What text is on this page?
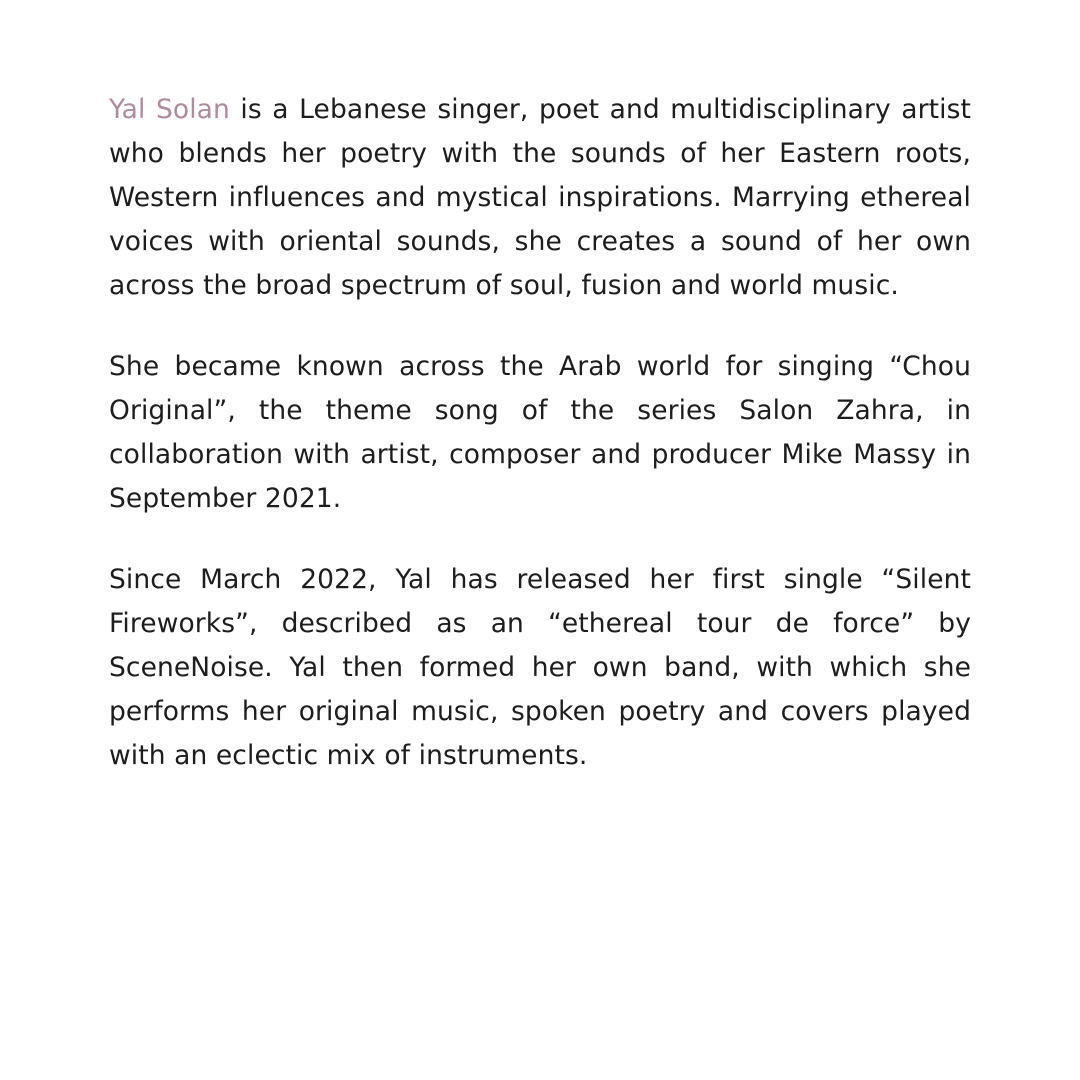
Yal Solan is a Lebanese singer, poet and multidisciplinary artist who blends her poetry with the sounds of her Eastern roots, Western influences and mystical inspirations. Marrying ethereal voices with oriental sounds, she creates a sound of her own across the broad spectrum of soul, fusion and world music.

She became known across the Arab world for singing “Chou Original”, the theme song of the series Salon Zahra, in collaboration with artist, composer and producer Mike Massy in September 2021.

Since March 2022, Yal has released her first single “Silent Fireworks”, described as an “ethereal tour de force” by SceneNoise. Yal then formed her own band, with which she performs her original music, spoken poetry and covers played with an eclectic mix of instruments.
